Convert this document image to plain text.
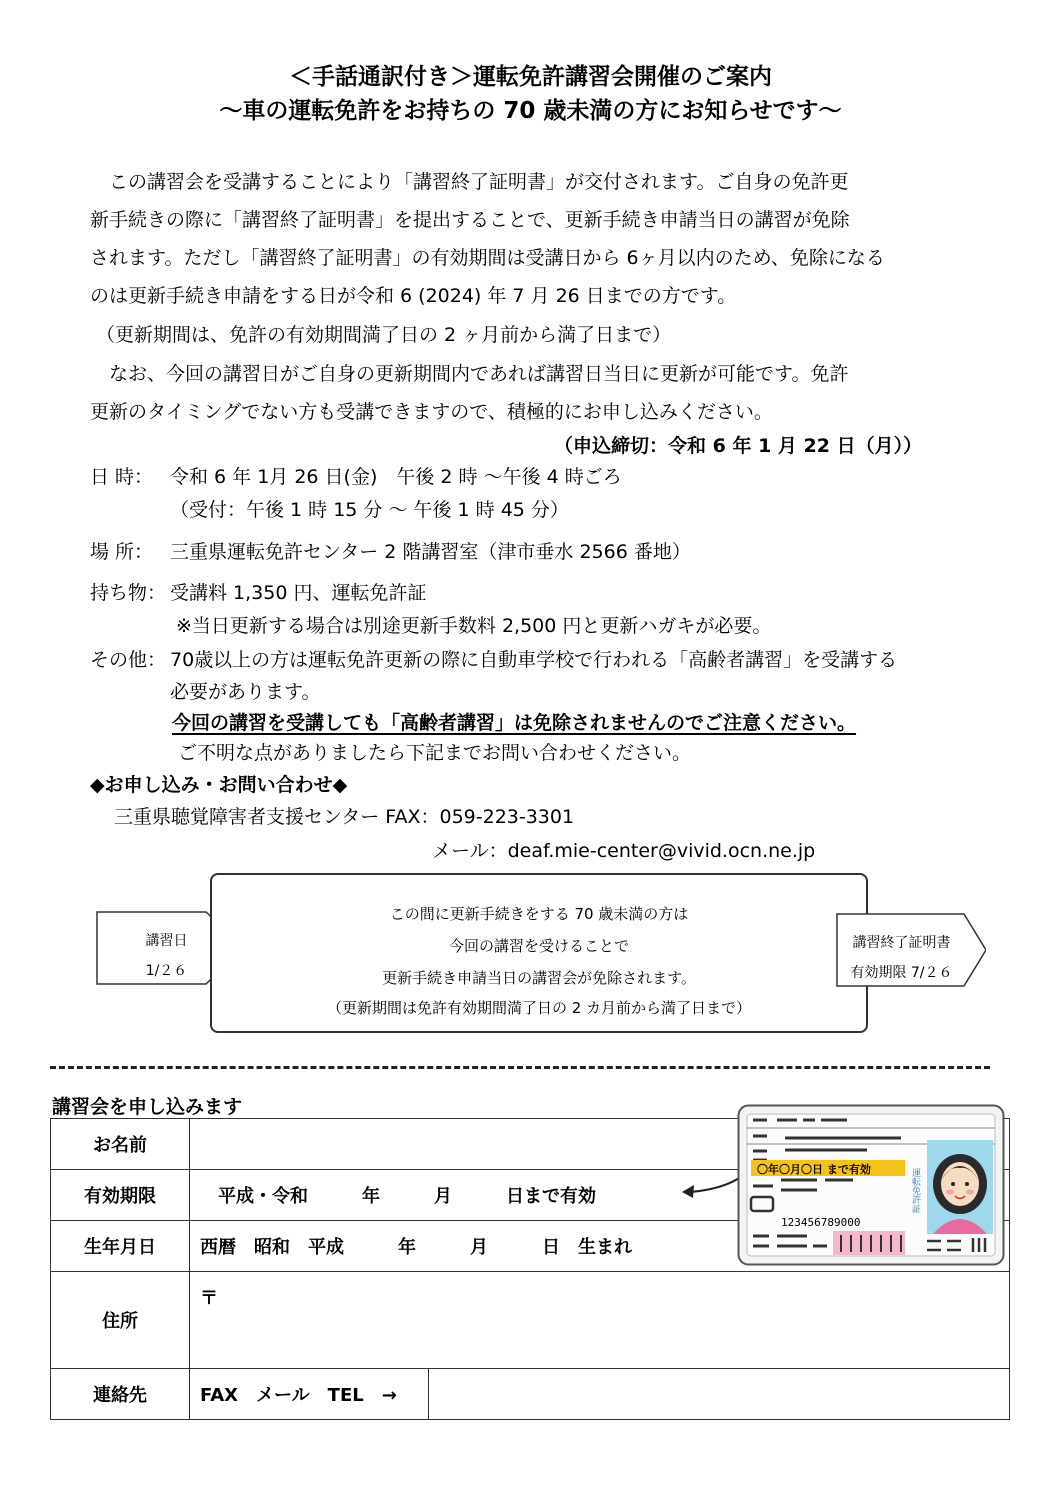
＜手話通訳付き＞運転免許講習会開催のご案内
～車の運転免許をお持ちの 70 歳未満の方にお知らせです～
　この講習会を受講することにより「講習終了証明書」が交付されます。ご自身の免許更
新手続きの際に「講習終了証明書」を提出することで、更新手続き申請当日の講習が免除
されます。ただし「講習終了証明書」の有効期間は受講日から 6ヶ月以内のため、免除になる
のは更新手続き申請をする日が令和 6 (2024) 年 7 月 26 日までの方です。
（更新期間は、免許の有効期間満了日の 2 ヶ月前から満了日まで）
　なお、今回の講習日がご自身の更新期間内であれば講習日当日に更新が可能です。免許
更新のタイミングでない方も受講できますので、積極的にお申し込みください。
（申込締切：令和 6 年 1 月 22 日（月））
日 時： 令和 6 年 1月 26 日(金)　午後 2 時 ～午後 4 時ごろ
（受付：午後 1 時 15 分 ～ 午後 1 時 45 分）
場 所： 三重県運転免許センター 2 階講習室（津市垂水 2566 番地）
持ち物： 受講料 1,350 円、運転免許証
※当日更新する場合は別途更新手数料 2,500 円と更新ハガキが必要。
その他： 70歳以上の方は運転免許更新の際に自動車学校で行われる「高齢者講習」を受講する
必要があります。
今回の講習を受講しても「高齢者講習」は免除されませんのでご注意ください。
ご不明な点がありましたら下記までお問い合わせください。
◆お申し込み・お問い合わせ◆
三重県聴覚障害者支援センター FAX：059-223-3301
メール：deaf.mie-center@vivid.ocn.ne.jp
講習日
1/２６
この間に更新手続きをする 70 歳未満の方は
今回の講習を受けることで
更新手続き申請当日の講習会が免除されます。
（更新期間は免許有効期間満了日の 2 カ月前から満了日まで）
講習終了証明書
有効期限 7/２６
講習会を申し込みます
お名前		
有効期限	　平成・令和　　　年　　　月　　　日まで有効	
生年月日	西暦　昭和　平成　　　年　　　月　　　日　生まれ	
住所	〒	
連絡先	FAX　メール　TEL　→	
〇年〇月〇日 まで有効
123456789000
運転免許証
